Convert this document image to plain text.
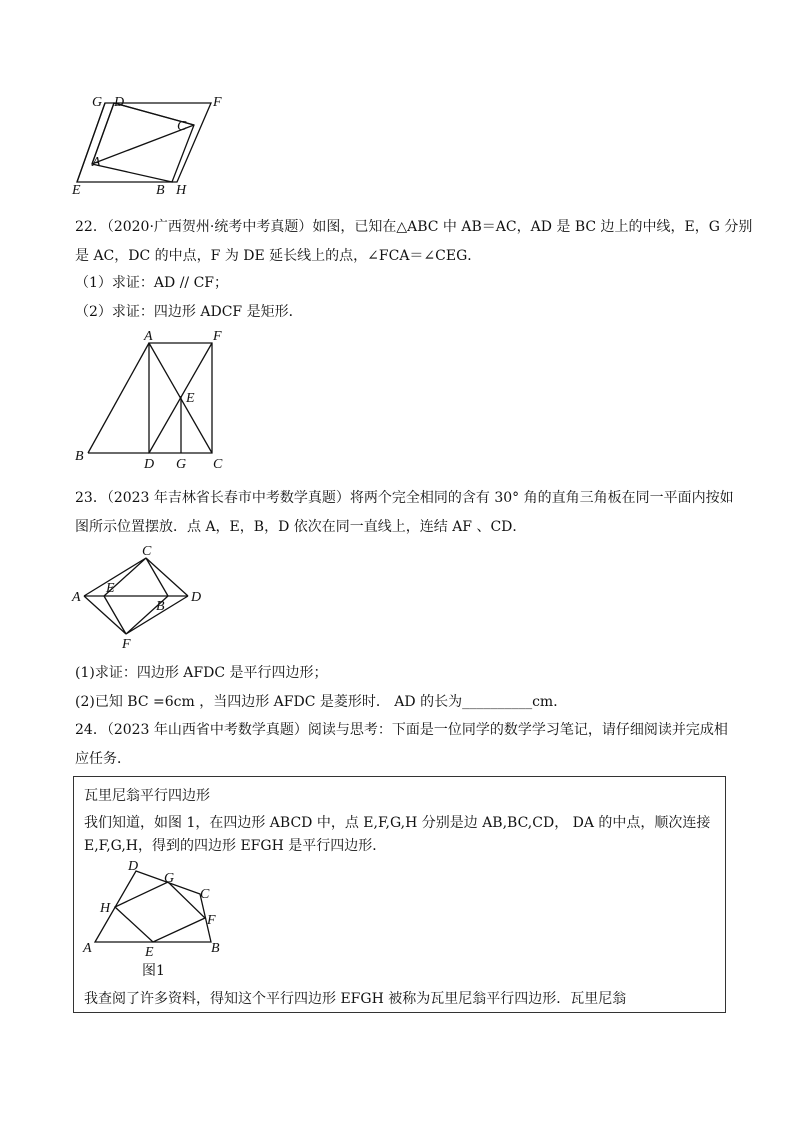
G D	F
C
A
E	B H
22．（2020·广西贺州·统考中考真题）如图，已知在△ABC 中 AB＝AC，AD 是 BC 边上的中线，E，G 分别
是 AC，DC 的中点，F 为 DE 延长线上的点，∠FCA＝∠CEG．
（1）求证：AD // CF；
（2）求证：四边形 ADCF 是矩形．
A	F
E
B
D G C
23．（2023 年吉林省长春市中考数学真题）将两个完全相同的含有 30° 角的直角三角板在同一平面内按如
图所示位置摆放．点 A，E，B，D 依次在同一直线上，连结 AF 、CD．
C
E
A
B
D
F
(1)求证：四边形 AFDC 是平行四边形；
(2)已知 BC =6cm ，当四边形 AFDC 是菱形时． AD 的长为__________cm．
24．（2023 年山西省中考数学真题）阅读与思考：下面是一位同学的数学学习笔记，请仔细阅读并完成相
应任务．
瓦里尼翁平行四边形
我们知道，如图 1，在四边形 ABCD 中，点 E,F,G,H 分别是边 AB,BC,CD， DA 的中点，顺次连接
E,F,G,H，得到的四边形 EFGH 是平行四边形．
D
G
C
H
F
A	E	B
图1
我查阅了许多资料，得知这个平行四边形 EFGH 被称为瓦里尼翁平行四边形．瓦里尼翁
